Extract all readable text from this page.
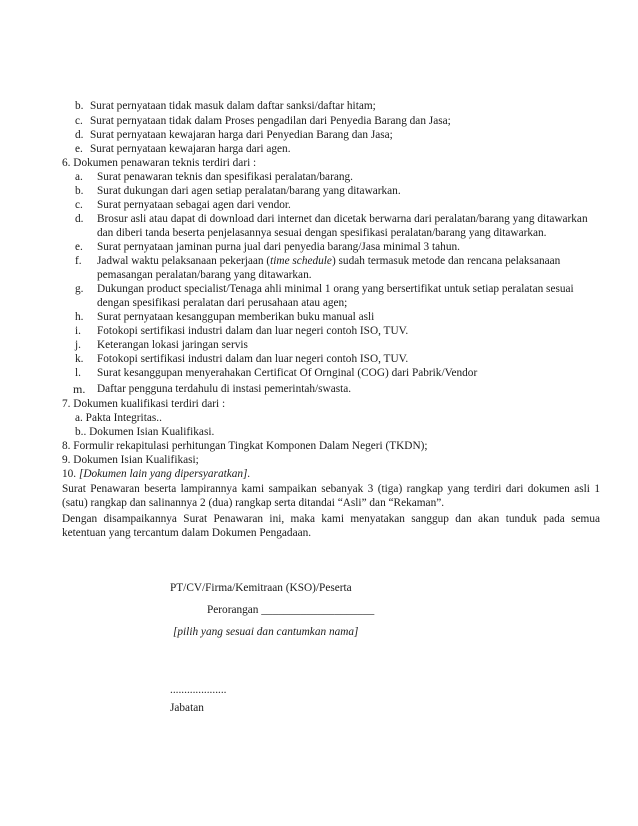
b. Surat pernyataan tidak masuk dalam daftar sanksi/daftar hitam;
c. Surat pernyataan tidak dalam Proses pengadilan dari Penyedia Barang dan Jasa;
d. Surat pernyataan kewajaran harga dari Penyedian Barang dan Jasa;
e. Surat pernyataan kewajaran harga dari agen.
6. Dokumen penawaran teknis terdiri dari :
a. Surat penawaran teknis dan spesifikasi peralatan/barang.
b. Surat dukungan dari agen setiap peralatan/barang yang ditawarkan.
c. Surat pernyataan sebagai agen dari vendor.
d. Brosur asli atau dapat di download dari internet dan dicetak berwarna dari peralatan/barang yang ditawarkan
dan diberi tanda beserta penjelasannya sesuai dengan spesifikasi peralatan/barang yang ditawarkan.
e. Surat pernyataan jaminan purna jual dari penyedia barang/Jasa minimal 3 tahun.
f. Jadwal waktu pelaksanaan pekerjaan (time schedule) sudah termasuk metode dan rencana pelaksanaan
pemasangan peralatan/barang yang ditawarkan.
g. Dukungan product specialist/Tenaga ahli minimal 1 orang yang bersertifikat untuk setiap peralatan sesuai
dengan spesifikasi peralatan dari perusahaan atau agen;
h. Surat pernyataan kesanggupan memberikan buku manual asli
i. Fotokopi sertifikasi industri dalam dan luar negeri contoh ISO, TUV.
j. Keterangan lokasi jaringan servis
k. Fotokopi sertifikasi industri dalam dan luar negeri contoh ISO, TUV.
l. Surat kesanggupan menyerahakan Certificat Of Ornginal (COG) dari Pabrik/Vendor
m. Daftar pengguna terdahulu di instasi pemerintah/swasta.
7. Dokumen kualifikasi terdiri dari :
a. Pakta Integritas..
b.. Dokumen Isian Kualifikasi.
8. Formulir rekapitulasi perhitungan Tingkat Komponen Dalam Negeri (TKDN);
9. Dokumen Isian Kualifikasi;
10. [Dokumen lain yang dipersyaratkan].
Surat Penawaran beserta lampirannya kami sampaikan sebanyak 3 (tiga) rangkap yang terdiri dari dokumen asli 1
(satu) rangkap dan salinannya 2 (dua) rangkap serta ditandai “Asli” dan “Rekaman”.
Dengan disampaikannya Surat Penawaran ini, maka kami menyatakan sanggup dan akan tunduk pada semua
ketentuan yang tercantum dalam Dokumen Pengadaan.
PT/CV/Firma/Kemitraan (KSO)/Peserta
Perorangan ____________________
[pilih yang sesuai dan cantumkan nama]
....................
Jabatan
